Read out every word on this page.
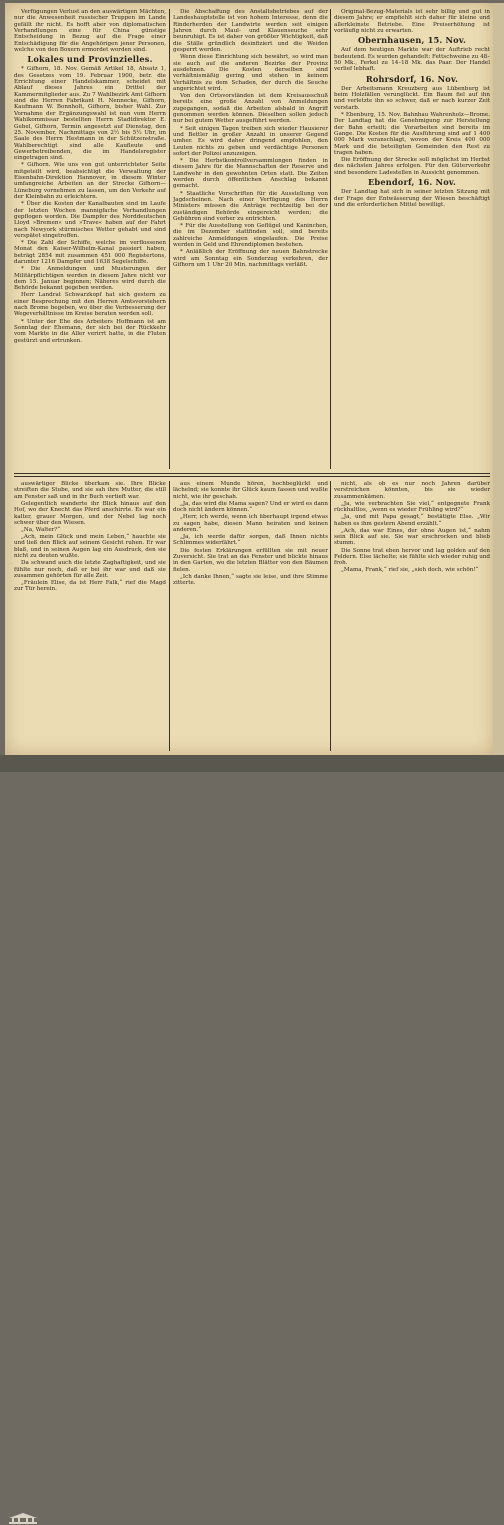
Verfügungen Verlust an den auswärtigen Mächten, nur die Anwesenheit russischer Truppen im Lande gefällt ihr nicht. Es hofft aber von diplomatischen Verhandlungen eine für China günstige Entscheidung in Bezug auf die Frage einer Entschädigung für die Angehörigen jener Personen, welche von den Boxern ermordet worden sind.

Lokales und Provinzielles.

* Gifhorn, 18. Nov. Gemäß Artikel 18, Absatz 1, des Gesetzes vom 19. Februar 1900, betr. die Errichtung einer Handelskammer, scheidet mit Ablauf dieses Jahres ein Drittel der Kammermitglieder aus. Zu 7 Wahlbezirk Amt Gifhorn sind die Herren Fabrikant H. Nennecke, Gifhorn, Kaufmann W. Bonnholt, Gifhorn, bisher Wahl. Zur Vornahme der Ergänzungswahl ist nun vom Herrn Wahlkommissar bestellten Herrn Stadtdirektor E. Gebel, Gifhorn, Termin angesetzt auf Dienstag, den 25. November, Nachmittags von 2½ bis 5½ Uhr, im Saale des Herrn Hestmann in der Schützenstraße. Wahlberechtigt sind alle Kaufleute und Gewerbetreibenden, die im Handelsregister eingetragen sind.

* Gifhorn. Wie uns von gut unterrichteter Seite mitgeteilt wird, beabsichtigt die Verwaltung der Eisenbahn-Direktion Hannover, in diesem Winter umfangreiche Arbeiten an der Strecke Gifhorn—Lüneburg vornehmen zu lassen, um den Verkehr auf der Kleinbahn zu erleichtern.

* Über die Kosten der Kanalbauten sind im Laufe der letzten Wochen mannigfache Verhandlungen gepflogen worden. Die Dampfer des Norddeutschen Lloyd »Bremen« und »Trave« haben auf der Fahrt nach Newyork stürmisches Wetter gehabt und sind verspätet eingetroffen.

* Die Zahl der Schiffe, welche im verflossenen Monat den Kaiser-Wilhelm-Kanal passiert haben, beträgt 2854 mit zusammen 451 000 Registertons, darunter 1216 Dampfer und 1638 Segelschiffe.

* Die Anmeldungen und Musterungen der Militärpflichtigen werden in diesem Jahre nicht vor dem 15. Januar beginnen; Näheres wird durch die Behörde bekannt gegeben werden.

Herr Landrat Schwarzkopf hat sich gestern zu einer Besprechung mit den Herren Amtsvorstehern nach Brome begeben, wo über die Verbesserung der Wegeverhältnisse im Kreise beraten werden soll.

* Unter der Ehe des Arbeiters Hoffmann ist am Sonntag der Ehemann, der sich bei der Rückkehr vom Markte in die Aller verirrt hatte, in die Fluten gestürzt und ertrunken.

Die Abschaffung des Anstaltsbetriebes auf der Landeshauptstelle ist von hohem Interesse, denn die Rinderherden der Landwirte werden seit einigen Jahren durch Maul- und Klauenseuche sehr beunruhigt. Es ist daher von größter Wichtigkeit, daß die Ställe gründlich desinfiziert und die Weiden gesperrt werden.

Wenn diese Einrichtung sich bewährt, so wird man sie auch auf die anderen Bezirke der Provinz ausdehnen. Die Kosten derselben sind verhältnismäßig gering und stehen in keinem Verhältnis zu dem Schaden, der durch die Seuche angerichtet wird.

Von den Ortsvorständen ist dem Kreisausschuß bereits eine große Anzahl von Anmeldungen zugegangen, sodaß die Arbeiten alsbald in Angriff genommen werden können. Dieselben sollen jedoch nur bei gutem Wetter ausgeführt werden.

* Seit einigen Tagen treiben sich wieder Hausierer und Bettler in großer Anzahl in unserer Gegend umher. Es wird daher dringend empfohlen, den Leuten nichts zu geben und verdächtige Personen sofort der Polizei anzuzeigen.

* Die Herbstkontrollversammlungen finden in diesem Jahre für die Mannschaften der Reserve und Landwehr in den gewohnten Orten statt. Die Zeiten werden durch öffentlichen Anschlag bekannt gemacht.

* Staatliche Vorschriften für die Ausstellung von Jagdscheinen. Nach einer Verfügung des Herrn Ministers müssen die Anträge rechtzeitig bei der zuständigen Behörde eingereicht werden; die Gebühren sind vorher zu entrichten.

* Für die Ausstellung von Geflügel und Kaninchen, die im Dezember stattfinden soll, sind bereits zahlreiche Anmeldungen eingelaufen. Die Preise werden in Geld und Ehrendiplomen bestehen.

* Anläßlich der Eröffnung der neuen Bahnstrecke wird am Sonntag ein Sonderzug verkehren, der Gifhorn um 1 Uhr 20 Min. nachmittags verläßt.

Original-Bezug-Materials ist sehr billig und gut in diesem Jahre; er empfiehlt sich daher für kleine und allerkleinste Betriebe. Eine Preiserhöhung ist vorläufig nicht zu erwarten.

Obernhausen, 15. Nov.

Auf dem heutigen Markte war der Auftrieb recht bedeutend. Es wurden gehandelt: Fettschweine zu 48–50 Mk., Ferkel zu 14–18 Mk. das Paar. Der Handel verlief lebhaft.

Rohrsdorf, 16. Nov.

Der Arbeitsmann Kreuzberg aus Lübenburg ist beim Holzfällen verunglückt. Ein Baum fiel auf ihn und verletzte ihn so schwer, daß er nach kurzer Zeit verstarb.

* Ebenburg, 15. Nov. Bahnbau Wahrenholz—Brome. Der Landtag hat die Genehmigung zur Herstellung der Bahn erteilt; die Vorarbeiten sind bereits im Gange. Die Kosten für die Ausführung sind auf 1 400 000 Mark veranschlagt, wovon der Kreis 400 000 Mark und die beteiligten Gemeinden den Rest zu tragen haben.

Die Eröffnung der Strecke soll möglichst im Herbst des nächsten Jahres erfolgen. Für den Güterverkehr sind besondere Ladestellen in Aussicht genommen.

Ebendorf, 16. Nov.

Der Landtag hat sich in seiner letzten Sitzung mit der Frage der Entwässerung der Wiesen beschäftigt und die erforderlichen Mittel bewilligt.

auswärtiger Blicke überkam sie. Ihre Blicke streiften die Stube, und sie sah ihre Mutter, die still am Fenster saß und in ihr Buch vertieft war.

Gelegentlich wanderte ihr Blick hinaus auf den Hof, wo der Knecht das Pferd anschirrte. Es war ein kalter, grauer Morgen, und der Nebel lag noch schwer über den Wiesen.

„Na, Walter?“

„Ach, mein Glück und mein Leben,“ hauchte sie und ließ den Blick auf seinem Gesicht ruhen. Er war blaß, und in seinen Augen lag ein Ausdruck, den sie nicht zu deuten wußte.

Da schwand auch die letzte Zaghaftigkeit, und sie fühlte nur noch, daß er bei ihr war und daß sie zusammen gehörten für alle Zeit.

„Fräulein Elise, da ist Herr Falk,“ rief die Magd zur Tür herein.

aus einem Munde hören, hochbeglückt und lächelnd; sie konnte ihr Glück kaum fassen und wußte nicht, wie ihr geschah.

„Ja, das wird die Mama sagen? Und er wird es dann doch nicht ändern können.“

„Herr, ich werde, wenn ich überhaupt irgend etwas zu sagen habe, diesen Mann heiraten und keinen anderen.“

„Ja, ich werde dafür sorgen, daß Ihnen nichts Schlimmes widerfährt.“

Die festen Erklärungen erfüllten sie mit neuer Zuversicht. Sie trat an das Fenster und blickte hinaus in den Garten, wo die letzten Blätter von den Bäumen fielen.

„Ich danke Ihnen,“ sagte sie leise, und ihre Stimme zitterte.

nicht, als ob es nur noch Jahren darüber verstreichen könnten, bis sie wieder zusammenkämen.

„Ja, wie verbrachten Sie viel,“ entgegnete Frank rückhaltlos, „wenn es wieder Frühling wird?“

„Ja, und mit Papa gesagt,“ bestätigte Else. „Wir haben es ihm gestern Abend erzählt.“

„Ach, das war Eines, der ohne Augen ist,“ nahm sein Blick auf sie. Sie war erschrocken und blieb stumm.

Die Sonne trat eben hervor und lag golden auf den Feldern. Else lächelte; sie fühlte sich wieder ruhig und froh.

„Mama, Frank,“ rief sie, „sieh doch, wie schön!“
